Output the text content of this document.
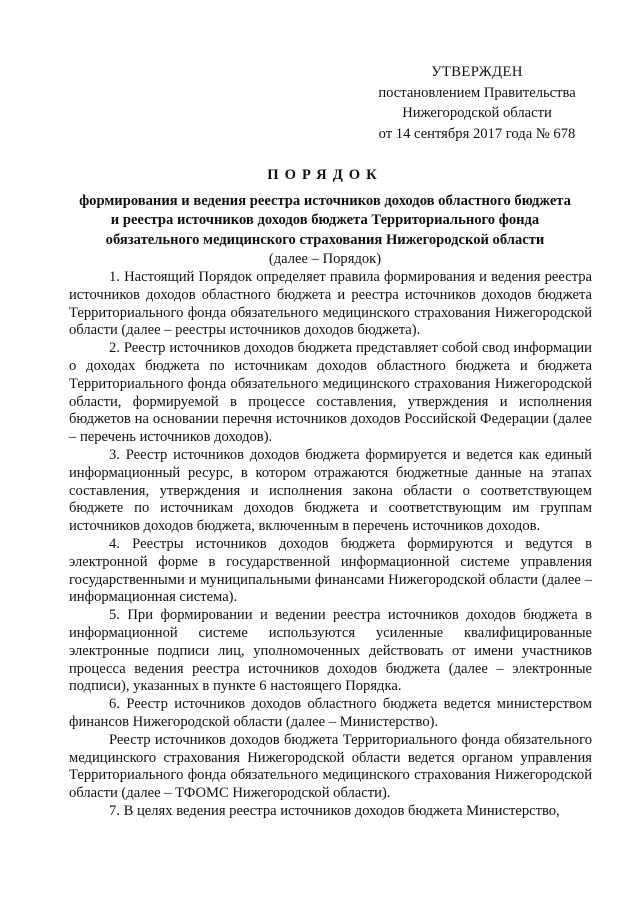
УТВЕРЖДЕН
постановлением Правительства
Нижегородской области
от 14 сентября 2017 года № 678
ПОРЯДОК
формирования и ведения реестра источников доходов областного бюджета
и реестра источников доходов бюджета Территориального фонда
обязательного медицинского страхования Нижегородской области
(далее – Порядок)

1. Настоящий Порядок определяет правила формирования и ведения реестра источников доходов областного бюджета и реестра источников доходов бюджета Территориального фонда обязательного медицинского страхования Нижегородской области (далее – реестры источников доходов бюджета).

2. Реестр источников доходов бюджета представляет собой свод информации о доходах бюджета по источникам доходов областного бюджета и бюджета Территориального фонда обязательного медицинского страхования Нижегородской области, формируемой в процессе составления, утверждения и исполнения бюджетов на основании перечня источников доходов Российской Федерации (далее – перечень источников доходов).

3. Реестр источников доходов бюджета формируется и ведется как единый информационный ресурс, в котором отражаются бюджетные данные на этапах составления, утверждения и исполнения закона области о соответствующем бюджете по источникам доходов бюджета и соответствующим им группам источников доходов бюджета, включенным в перечень источников доходов.

4. Реестры источников доходов бюджета формируются и ведутся в электронной форме в государственной информационной системе управления государственными и муниципальными финансами Нижегородской области (далее – информационная система).

5. При формировании и ведении реестра источников доходов бюджета в информационной системе используются усиленные квалифицированные электронные подписи лиц, уполномоченных действовать от имени участников процесса ведения реестра источников доходов бюджета (далее – электронные подписи), указанных в пункте 6 настоящего Порядка.

6. Реестр источников доходов областного бюджета ведется министерством финансов Нижегородской области (далее – Министерство).

Реестр источников доходов бюджета Территориального фонда обязательного медицинского страхования Нижегородской области ведется органом управления Территориального фонда обязательного медицинского страхования Нижегородской области (далее – ТФОМС Нижегородской области).

7. В целях ведения реестра источников доходов бюджета Министерство,
